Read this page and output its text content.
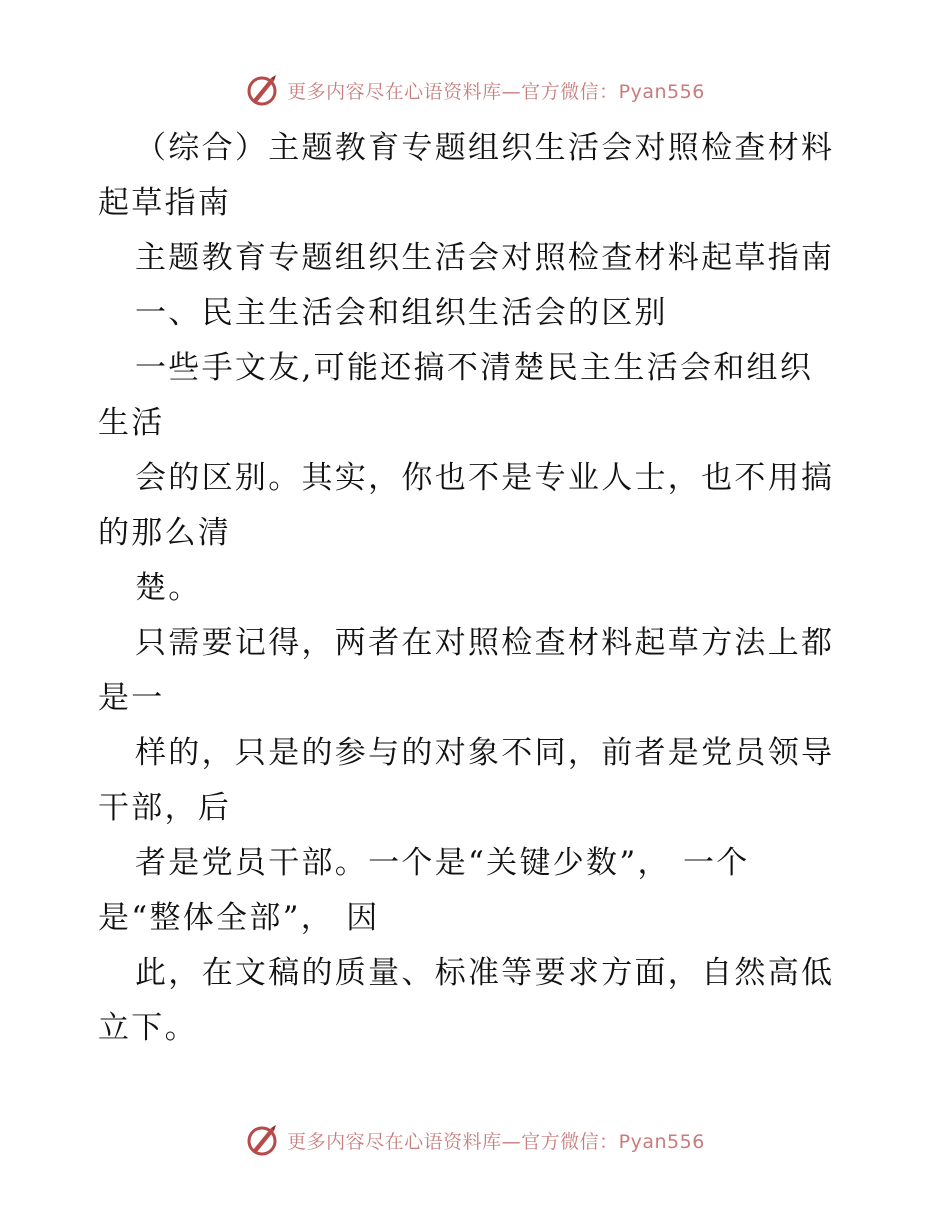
更多内容尽在心语资料库—官方微信：Pyan556
（综合）主题教育专题组织生活会对照检查材料
起草指南
主题教育专题组织生活会对照检查材料起草指南
一、民主生活会和组织生活会的区别
一些手文友,可能还搞不清楚民主生活会和组织
生活
会的区别。其实，你也不是专业人士，也不用搞
的那么清
楚。
只需要记得，两者在对照检查材料起草方法上都
是一
样的，只是的参与的对象不同，前者是党员领导
干部，后
者是党员干部。一个是“关键少数”， 一个
是“整体全部”， 因
此，在文稿的质量、标准等要求方面，自然高低
立下。
更多内容尽在心语资料库—官方微信：Pyan556
